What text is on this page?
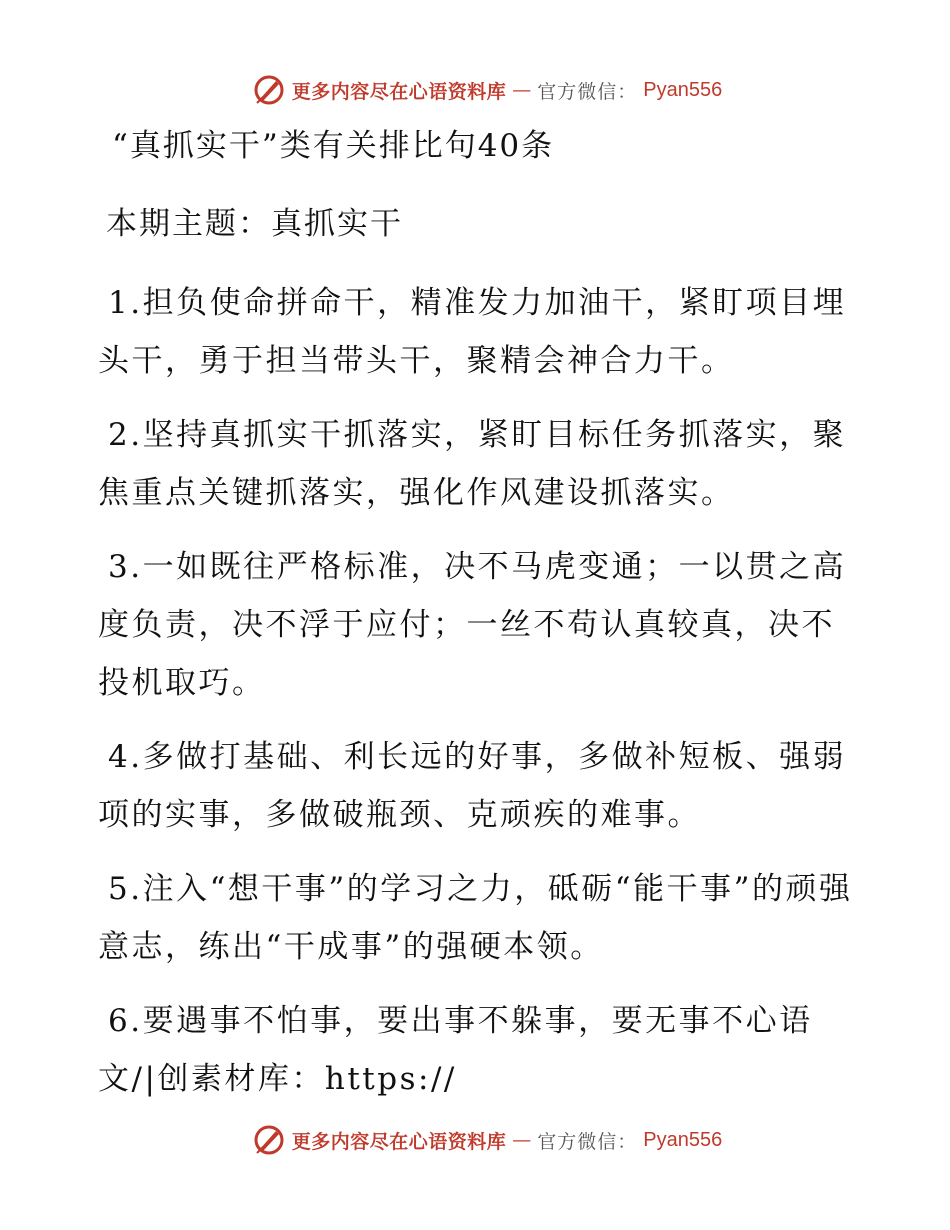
更多内容尽在心语资料库 — 官方微信： Pyan556
“真抓实干”类有关排比句40条
本期主题：真抓实干

1.担负使命拼命干，精准发力加油干，紧盯项目埋头干，勇于担当带头干，聚精会神合力干。

2.坚持真抓实干抓落实，紧盯目标任务抓落实，聚焦重点关键抓落实，强化作风建设抓落实。

3.一如既往严格标准，决不马虎变通；一以贯之高度负责，决不浮于应付；一丝不苟认真较真，决不投机取巧。

4.多做打基础、利长远的好事，多做补短板、强弱项的实事，多做破瓶颈、克顽疾的难事。

5.注入“想干事”的学习之力，砥砺“能干事”的顽强意志，练出“干成事”的强硬本领。

6.要遇事不怕事，要出事不躲事，要无事不心语文/|创素材库：https://

更多内容尽在心语资料库 — 官方微信： Pyan556
